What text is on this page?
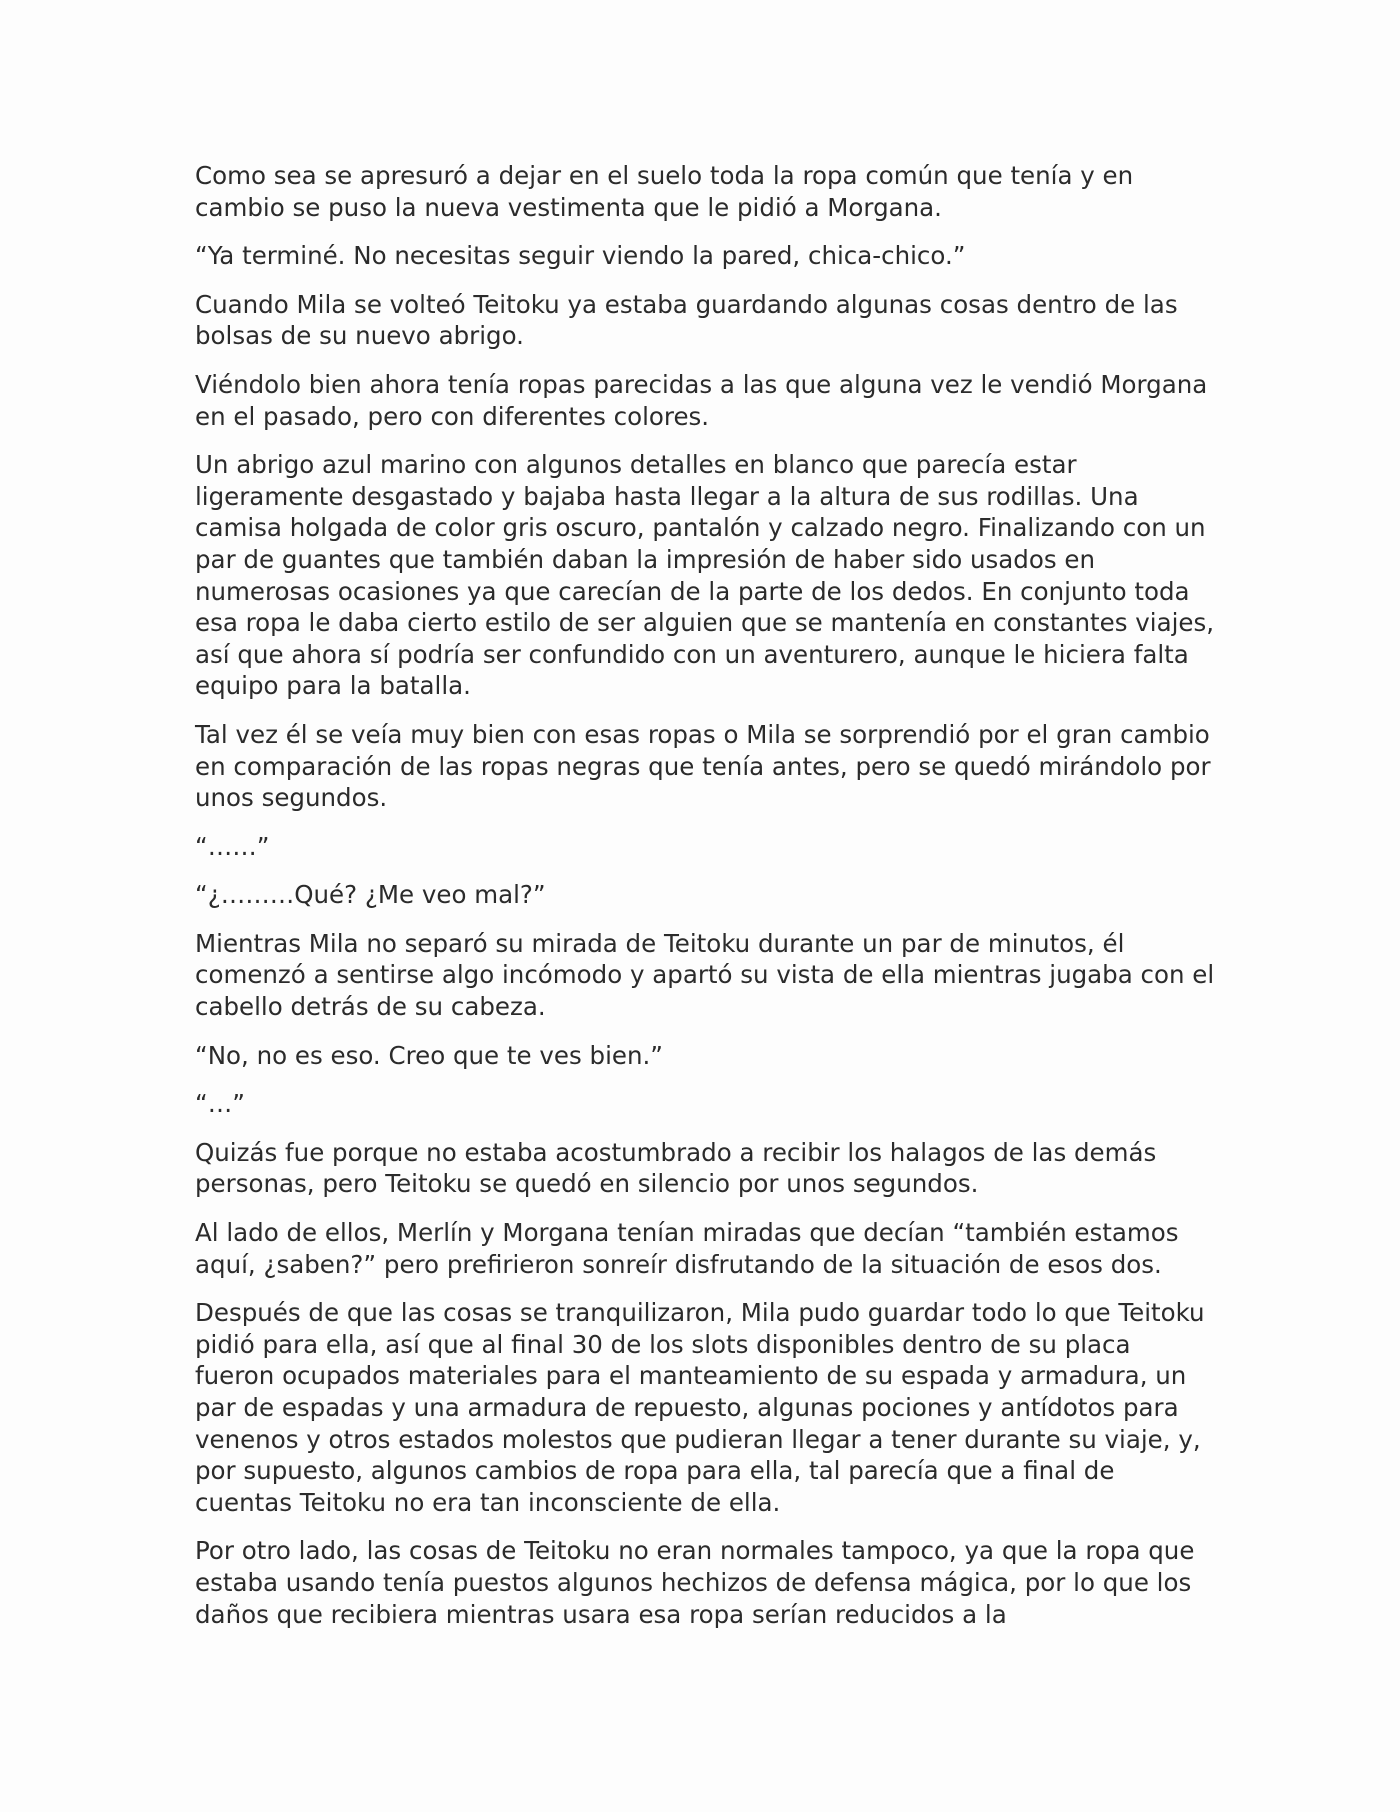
Como sea se apresuró a dejar en el suelo toda la ropa común que tenía y en cambio se puso la nueva vestimenta que le pidió a Morgana.

“Ya terminé. No necesitas seguir viendo la pared, chica-chico.”

Cuando Mila se volteó Teitoku ya estaba guardando algunas cosas dentro de las bolsas de su nuevo abrigo.

Viéndolo bien ahora tenía ropas parecidas a las que alguna vez le vendió Morgana en el pasado, pero con diferentes colores.

Un abrigo azul marino con algunos detalles en blanco que parecía estar ligeramente desgastado y bajaba hasta llegar a la altura de sus rodillas. Una camisa holgada de color gris oscuro, pantalón y calzado negro. Finalizando con un par de guantes que también daban la impresión de haber sido usados en numerosas ocasiones ya que carecían de la parte de los dedos. En conjunto toda esa ropa le daba cierto estilo de ser alguien que se mantenía en constantes viajes, así que ahora sí podría ser confundido con un aventurero, aunque le hiciera falta equipo para la batalla.

Tal vez él se veía muy bien con esas ropas o Mila se sorprendió por el gran cambio en comparación de las ropas negras que tenía antes, pero se quedó mirándolo por unos segundos.

“……”

“¿………Qué? ¿Me veo mal?”

Mientras Mila no separó su mirada de Teitoku durante un par de minutos, él comenzó a sentirse algo incómodo y apartó su vista de ella mientras jugaba con el cabello detrás de su cabeza.

“No, no es eso. Creo que te ves bien.”

“…”

Quizás fue porque no estaba acostumbrado a recibir los halagos de las demás personas, pero Teitoku se quedó en silencio por unos segundos.

Al lado de ellos, Merlín y Morgana tenían miradas que decían “también estamos aquí, ¿saben?” pero prefirieron sonreír disfrutando de la situación de esos dos.

Después de que las cosas se tranquilizaron, Mila pudo guardar todo lo que Teitoku pidió para ella, así que al final 30 de los slots disponibles dentro de su placa fueron ocupados materiales para el manteamiento de su espada y armadura, un par de espadas y una armadura de repuesto, algunas pociones y antídotos para venenos y otros estados molestos que pudieran llegar a tener durante su viaje, y, por supuesto, algunos cambios de ropa para ella, tal parecía que a final de cuentas Teitoku no era tan inconsciente de ella.

Por otro lado, las cosas de Teitoku no eran normales tampoco, ya que la ropa que estaba usando tenía puestos algunos hechizos de defensa mágica, por lo que los daños que recibiera mientras usara esa ropa serían reducidos a la
